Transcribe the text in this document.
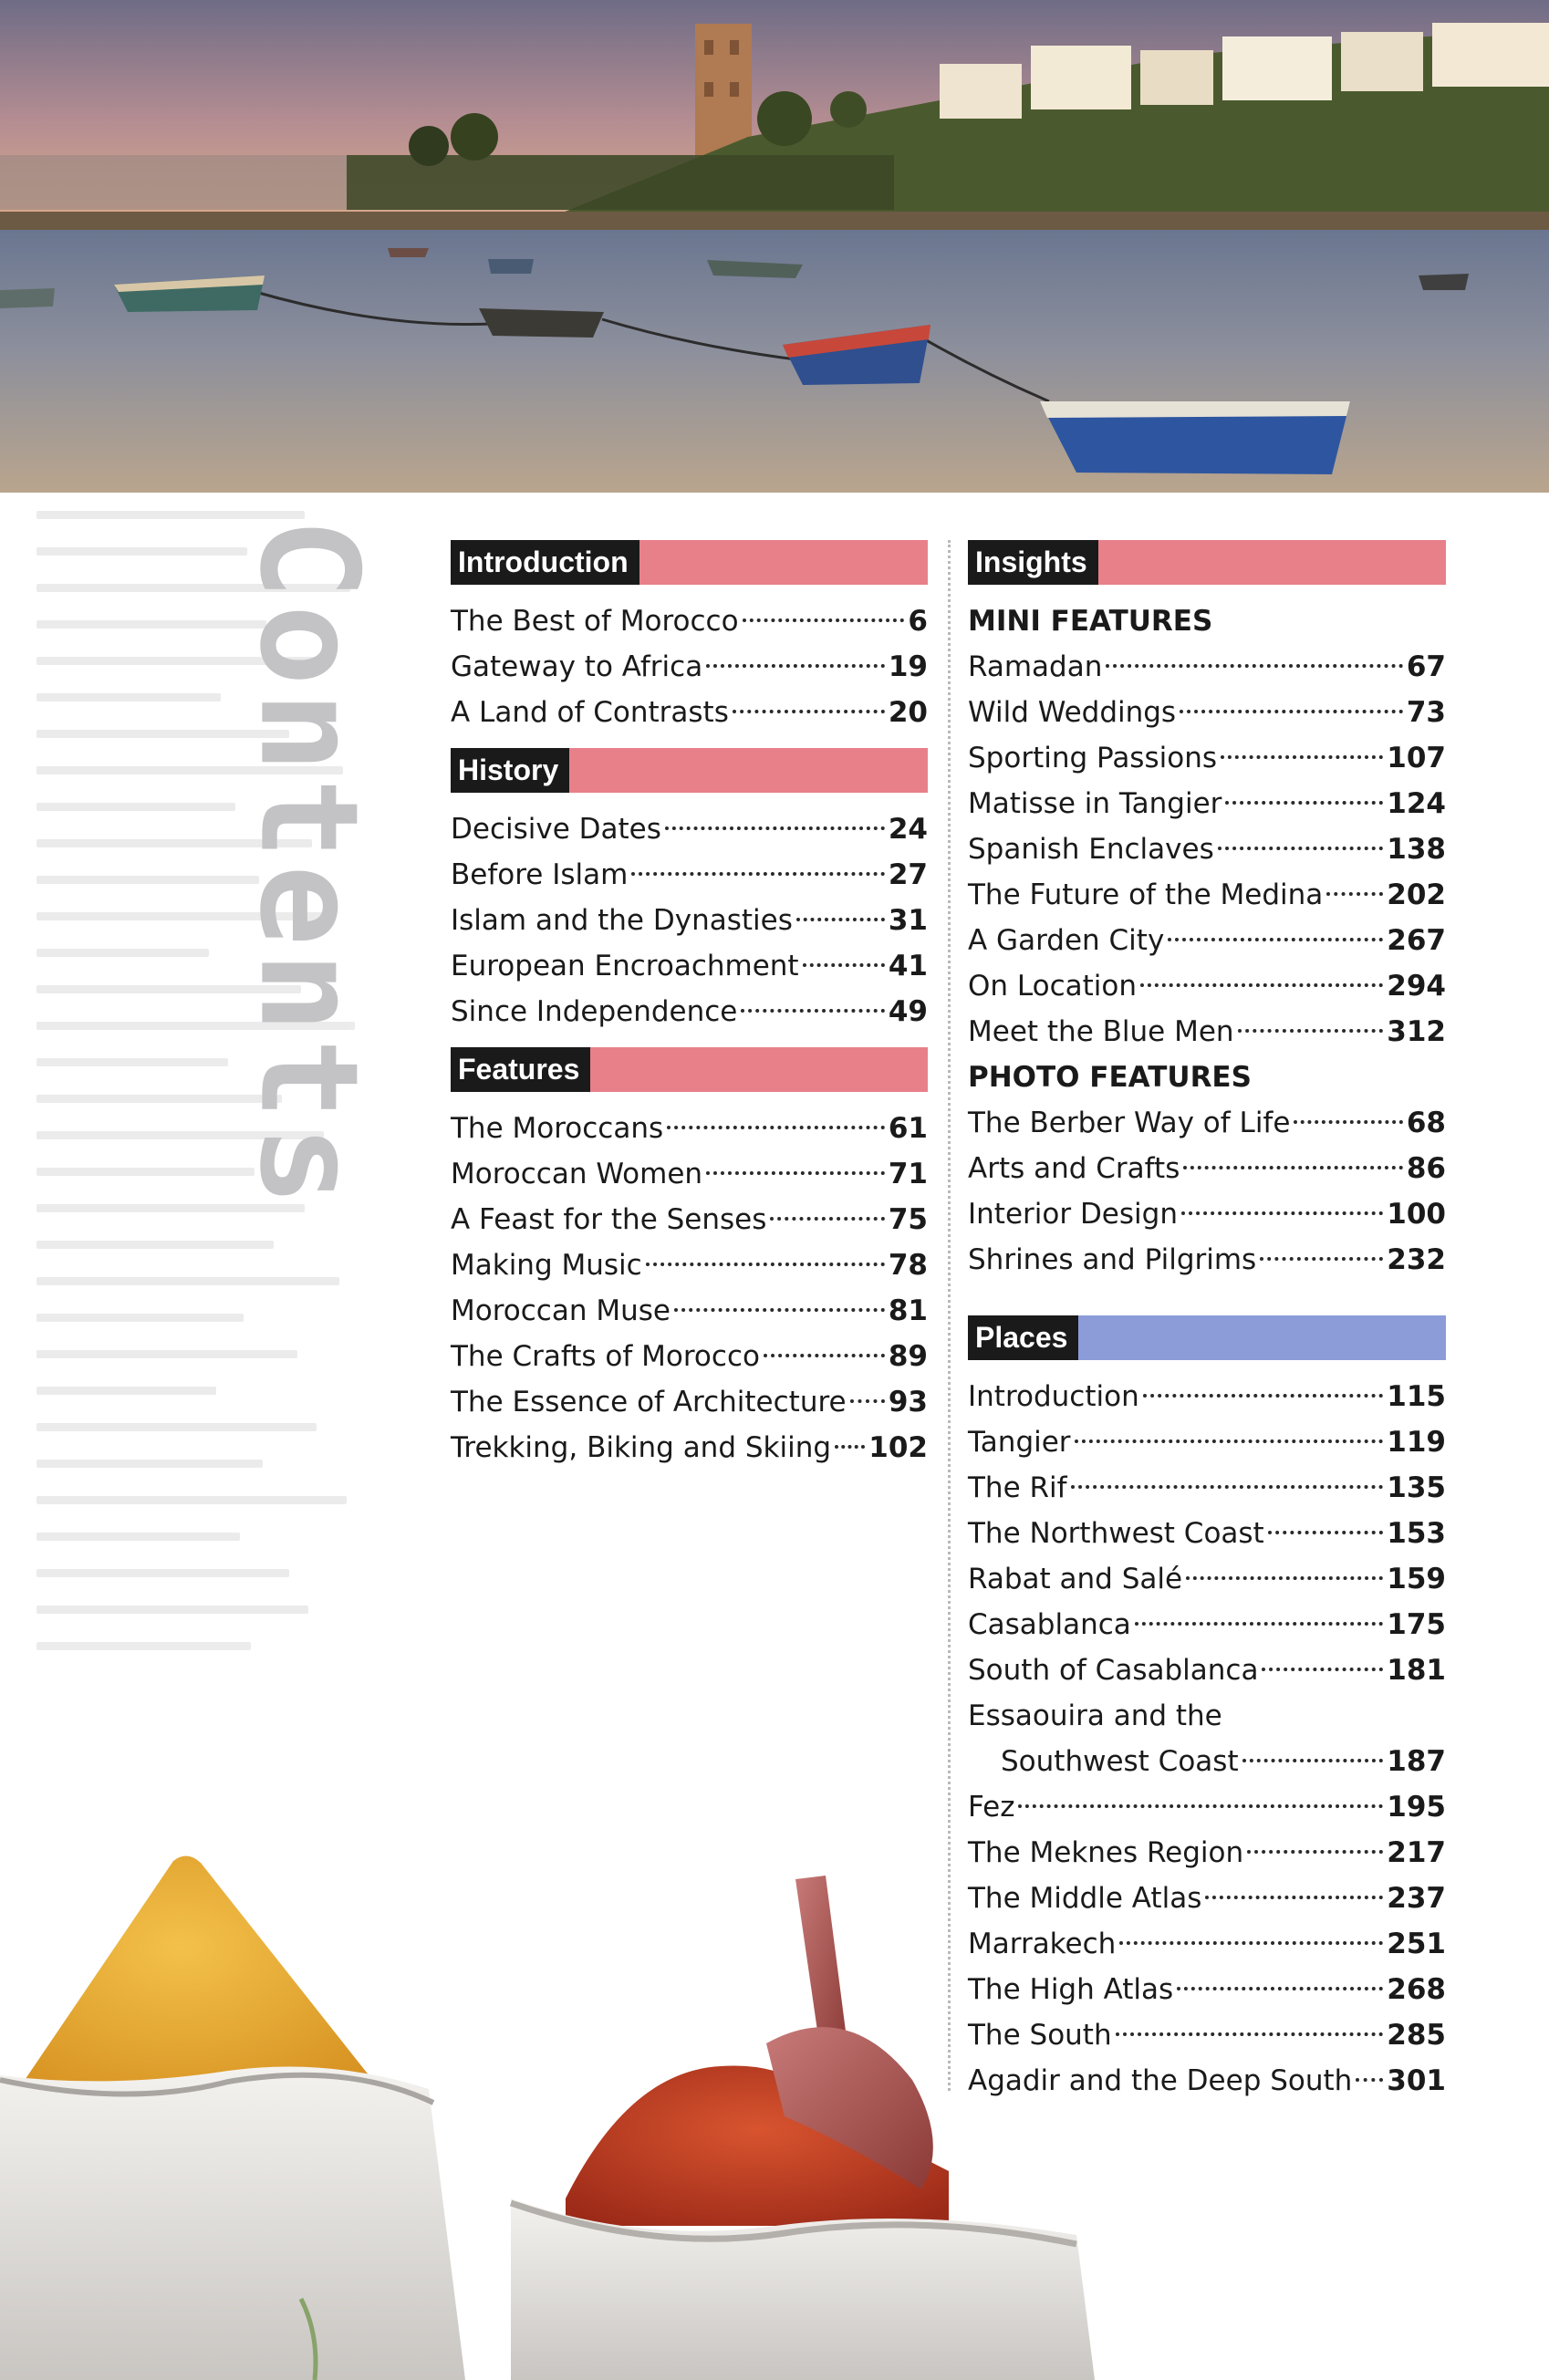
Contents Introduction
The Best of Morocco	6
Gateway to Africa	19
A Land of Contrasts	20
History
Decisive Dates	24
Before Islam	27
Islam and the Dynasties	31
European Encroachment	41
Since Independence	49
Features
The Moroccans	61
Moroccan Women	71
A Feast for the Senses	75
Making Music	78
Moroccan Muse	81
The Crafts of Morocco	89
The Essence of Architecture 93
Trekking, Biking and Skiing 102
Insights
MINI FEATURES
Ramadan	67
Wild Weddings	73
Sporting Passions	107
Matisse in Tangier	124
Spanish Enclaves	138
The Future of the Medina 202
A Garden City	267
On Location	294
Meet the Blue Men	312
PHOTO FEATURES
The Berber Way of Life	68
Arts and Crafts	86
Interior Design	100
Shrines and Pilgrims	232
Places
Introduction	115
Tangier	119
The Rif	135
The Northwest Coast	153
Rabat and Salé	159
Casablanca	175
South of Casablanca	181
Essaouira and the
Southwest Coast	187
Fez	195
The Meknes Region	217
The Middle Atlas	237
Marrakech	251
The High Atlas	268
The South	285
Agadir and the Deep South 301
